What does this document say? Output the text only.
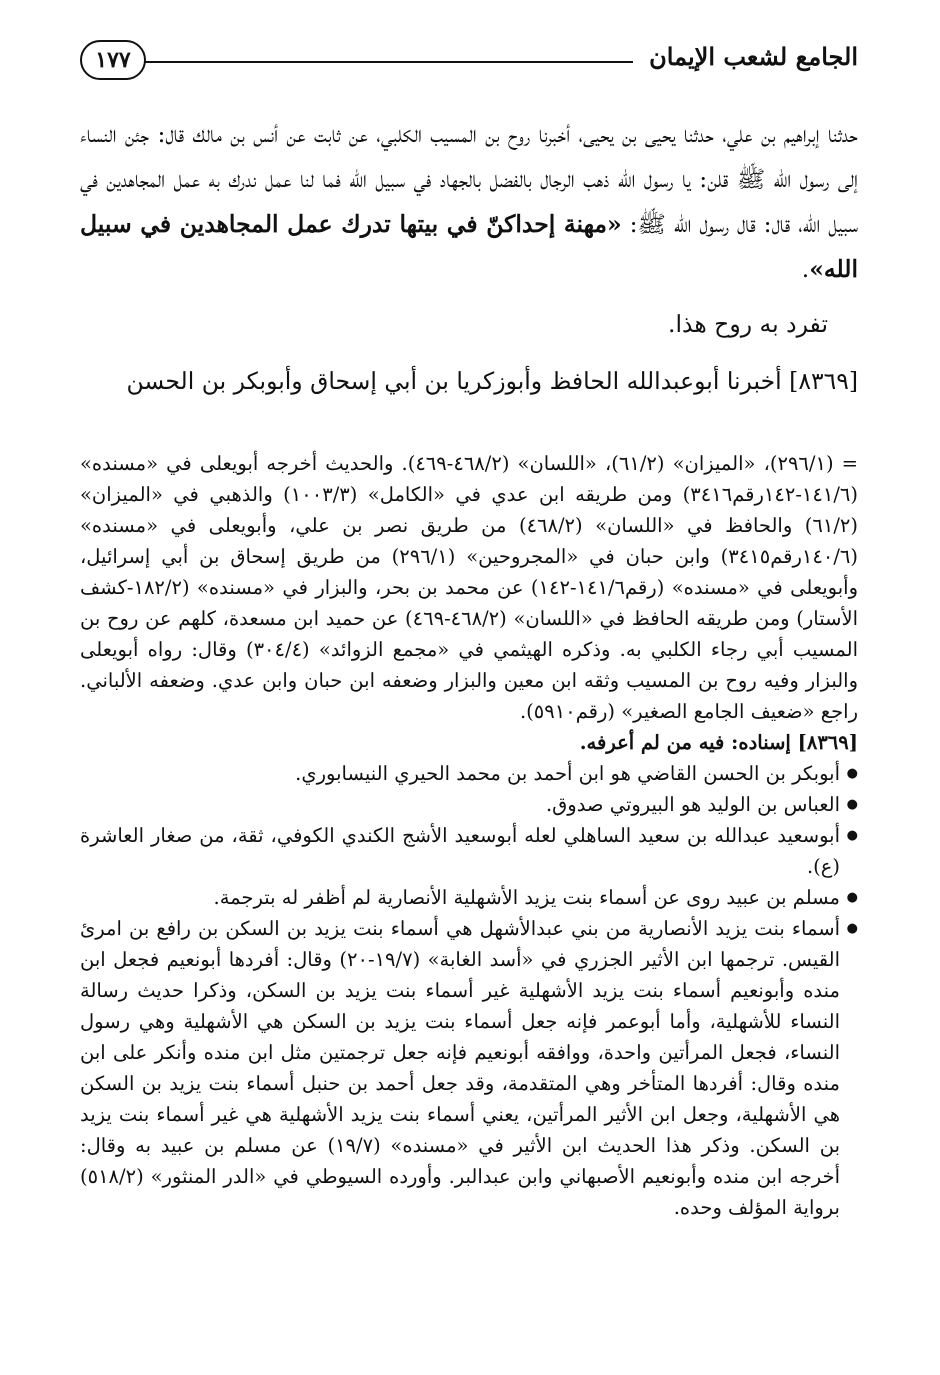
الجامع لشعب الإيمان
١٧٧

حدثنا إبراهيم بن علي، حدثنا يحيى بن يحيى، أخبرنا روح بن المسيب الكلبي، عن ثابت عن أنس بن مالك قال: جئن النساء إلى رسول الله ﷺ قلن: يا رسول الله ذهب الرجال بالفضل بالجهاد في سبيل الله فما لنا عمل ندرك به عمل المجاهدين في سبيل الله، قال: قال رسول الله ﷺ: «مهنة إحداكنّ في بيتها تدرك عمل المجاهدين في سبيل الله».

تفرد به روح هذا.

[٨٣٦٩] أخبرنا أبوعبدالله الحافظ وأبوزكريا بن أبي إسحاق وأبوبكر بن الحسن

= (٢٩٦/١)، «الميزان» (٦١/٢)، «اللسان» (٤٦٨/٢-٤٦٩). والحديث أخرجه أبويعلى في «مسنده» (١٤١/٦-١٤٢رقم٣٤١٦) ومن طريقه ابن عدي في «الكامل» (١٠٠٣/٣) والذهبي في «الميزان» (٦١/٢) والحافظ في «اللسان» (٤٦٨/٢) من طريق نصر بن علي، وأبويعلى في «مسنده» (١٤٠/٦رقم٣٤١٥) وابن حبان في «المجروحين» (٢٩٦/١) من طريق إسحاق بن أبي إسرائيل، وأبويعلى في «مسنده» (رقم١٤١/٦-١٤٢) عن محمد بن بحر، والبزار في «مسنده» (١٨٢/٢-كشف الأستار) ومن طريقه الحافظ في «اللسان» (٤٦٨/٢-٤٦٩) عن حميد ابن مسعدة، كلهم عن روح بن المسيب أبي رجاء الكلبي به. وذكره الهيثمي في «مجمع الزوائد» (٣٠٤/٤) وقال: رواه أبويعلى والبزار وفيه روح بن المسيب وثقه ابن معين والبزار وضعفه ابن حبان وابن عدي. وضعفه الألباني. راجع «ضعيف الجامع الصغير» (رقم٥٩١٠).

[٨٣٦٩] إسناده: فيه من لم أعرفه.

● أبوبكر بن الحسن القاضي هو ابن أحمد بن محمد الحيري النيسابوري.
● العباس بن الوليد هو البيروتي صدوق.
● أبوسعيد عبدالله بن سعيد الساهلي لعله أبوسعيد الأشج الكندي الكوفي، ثقة، من صغار العاشرة (ع).
● مسلم بن عبيد روى عن أسماء بنت يزيد الأشهلية الأنصارية لم أظفر له بترجمة.
● أسماء بنت يزيد الأنصارية من بني عبدالأشهل هي أسماء بنت يزيد بن السكن بن رافع بن امرئ القيس. ترجمها ابن الأثير الجزري في «أسد الغابة» (١٩/٧-٢٠) وقال: أفردها أبونعيم فجعل ابن منده وأبونعيم أسماء بنت يزيد الأشهلية غير أسماء بنت يزيد بن السكن، وذكرا حديث رسالة النساء للأشهلية، وأما أبوعمر فإنه جعل أسماء بنت يزيد بن السكن هي الأشهلية وهي رسول النساء، فجعل المرأتين واحدة، ووافقه أبونعيم فإنه جعل ترجمتين مثل ابن منده وأنكر على ابن منده وقال: أفردها المتأخر وهي المتقدمة، وقد جعل أحمد بن حنبل أسماء بنت يزيد بن السكن هي الأشهلية، وجعل ابن الأثير المرأتين، يعني أسماء بنت يزيد الأشهلية هي غير أسماء بنت يزيد بن السكن. وذكر هذا الحديث ابن الأثير في «مسنده» (١٩/٧) عن مسلم بن عبيد به وقال: أخرجه ابن منده وأبونعيم الأصبهاني وابن عبدالبر. وأورده السيوطي في «الدر المنثور» (٥١٨/٢) برواية المؤلف وحده.
